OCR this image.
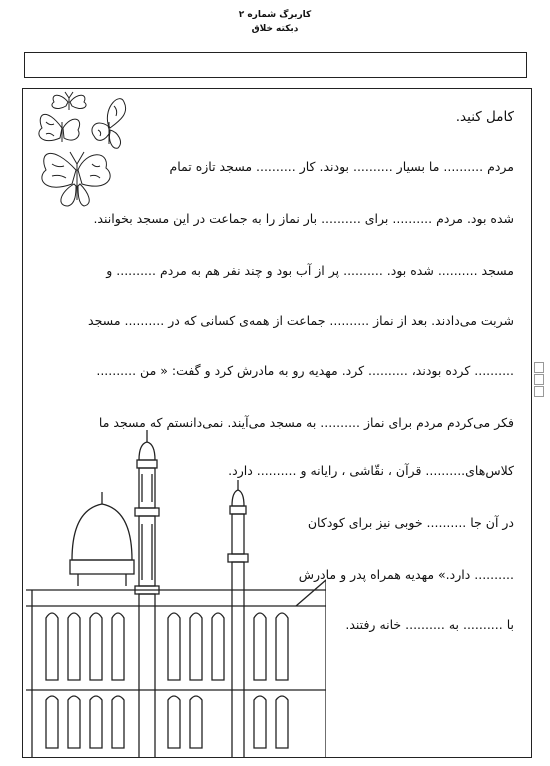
کاربرگ شماره ۲
دبکته خلاق
کامل کنید.
مردم .......... ما بسیار .......... بودند. کار .......... مسجد تازه تمام
شده بود. مردم .......... برای .......... بار نماز را به جماعت در این مسجد بخوانند.
مسجد .......... شده بود. .......... پر از آب بود و چند نفر هم به مردم .......... و
شربت می‌دادند. بعد از نماز .......... جماعت از همه‌ی کسانی که در .......... مسجد
.......... کرده بودند، .......... کرد. مهدیه رو به مادرش کرد و گفت: « من ..........
فکر می‌کردم مردم برای نماز .......... به مسجد می‌آیند. نمی‌دانستم که مسجد ما
کلاس‌های.......... قرآن ، نقّاشی ، رایانه و .......... دارد.
در آن جا .......... خوبی نیز برای کودکان
.......... دارد.» مهدیه همراه پدر و مادرش
با .......... به .......... خانه رفتند.
